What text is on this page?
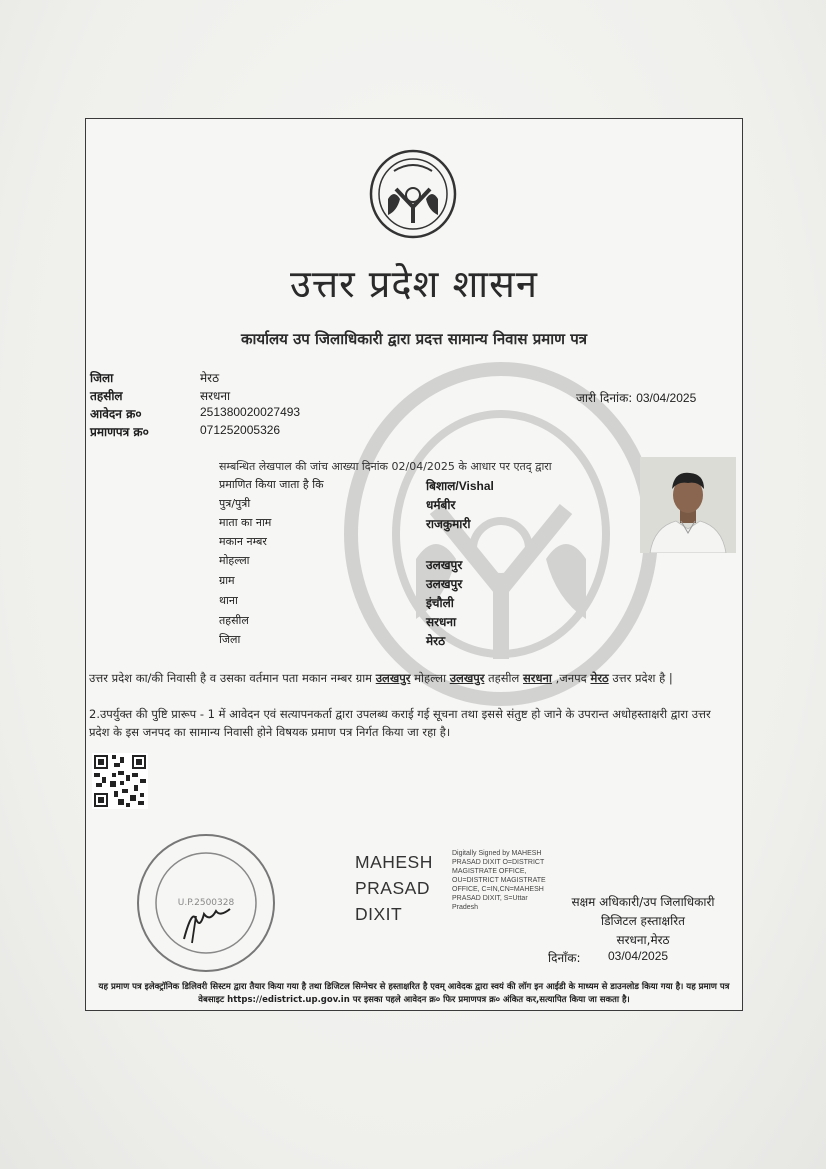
उत्तर प्रदेश शासन
कार्यालय उप जिलाधिकारी द्वारा प्रदत्त सामान्य निवास प्रमाण पत्र
जिला	मेरठ
तहसील	सरधना
आवेदन क्र०	251380020027493
प्रमाणपत्र क्र०	071252005326
जारी दिनांक: 03/04/2025
सम्बन्धित लेखपाल की जांच आख्या दिनांक 02/04/2025 के आधार पर एतद् द्वारा
प्रमाणित किया जाता है कि	बिशाल/Vishal
पुत्र/पुत्री	धर्मबीर
माता का नाम	राजकुमारी
मकान नम्बर
मोहल्ला	उलखपुर
ग्राम	उलखपुर
थाना	इंचौली
तहसील	सरधना
जिला	मेरठ
उत्तर प्रदेश का/की निवासी है व उसका वर्तमान पता मकान नम्बर ग्राम उलखपुर मोहल्ला उलखपुर तहसील सरधना ,जनपद मेरठ उत्तर प्रदेश है |
2.उपर्युक्त की पुष्टि प्रारूप - 1 में आवेदन एवं सत्यापनकर्ता द्वारा उपलब्ध कराई गई सूचना तथा इससे संतुष्ट हो जाने के उपरान्त अधोहस्ताक्षरी द्वारा उत्तर प्रदेश के इस जनपद का सामान्य निवासी होने विषयक प्रमाण पत्र निर्गत किया जा रहा है।
U.P.2500328
MAHESH
PRASAD
DIXIT
Digitally Signed by MAHESH PRASAD DIXIT O=DISTRICT MAGISTRATE OFFICE, OU=DISTRICT MAGISTRATE OFFICE, C=IN,CN=MAHESH PRASAD DIXIT, S=Uttar Pradesh	सक्षम अधिकारी/उप जिलाधिकारी
डिजिटल हस्ताक्षरित
सरधना,मेरठ
दिनाँक: 03/04/2025
यह प्रमाण पत्र इलेक्ट्रॉनिक डिलिवरी सिस्टम द्वारा तैयार किया गया है तथा डिजिटल सिग्नेचर से हस्ताक्षरित है एवम् आवेदक द्वारा स्वयं की लॉग इन आईडी के माध्यम से डाउनलोड किया गया है। यह प्रमाण पत्र वेबसाइट https://edistrict.up.gov.in पर इसका पहले आवेदन क्र० फिर प्रमाणपत्र क्र० अंकित कर,सत्यापित किया जा सकता है।
